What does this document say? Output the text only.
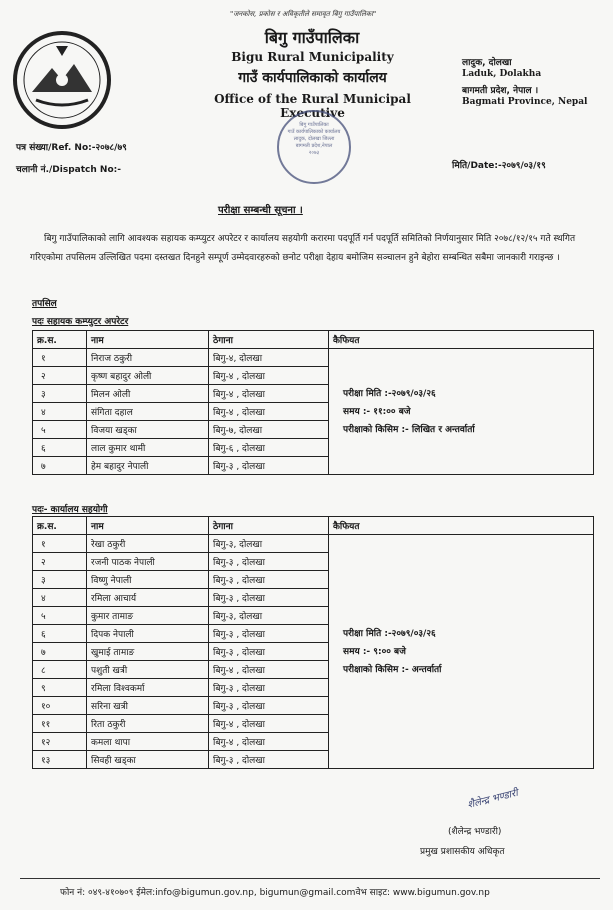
"जनकोस, प्रकोस र अविकृतीले समावृत बिगु गाउँपालिका"
बिगु गाउँपालिका
Bigu Rural Municipality
गाउँ कार्यपालिकाको कार्यालय
Office of the Rural Municipal Executive
लादुक, दोलखा
Laduk, Dolakha
बागमती प्रदेश, नेपाल ।
Bagmati Province, Nepal
बिगु गाउँपालिका
गाउँ कार्यपालिकाको कार्यालय
लादुक, दोलखा जिल्ला
बागमती प्रदेश,नेपाल
२०७३
पत्र संख्या/Ref. No:-२०७८/७९
चलानी नं./Dispatch No:-	मिति/Date:-२०७९/०३/१९
परीक्षा सम्बन्धी सूचना ।
बिगु गाउँपालिकाको लागि आवश्यक सहायक कम्प्युटर अपरेटर र कार्यालय सहयोगी करारमा पदपूर्ति गर्न पदपूर्ति समितिको निर्णयानुसार मिति २०७८/१२/१५ गते स्थगित गरिएकोमा तपसिलम उल्लिखित पदमा दस्तखत दिनहुने सम्पूर्ण उम्मेदवारहरुको छनोट परीक्षा देहाय बमोजिम सञ्चालन हुने बेहोरा सम्बन्धित सबैमा जानकारी गराइन्छ ।
तपसिल
पदः सहायक कम्प्युटर अपरेटर
क्र.स.	नाम	ठेगाना	कैफियत
१	निराज ठकुरी	बिगु-४, दोलखा	परीक्षा मिति :-२०७९/०३/२६
समय :- ११:०० बजे
परीक्षाको किसिम :- लिखित र अन्तर्वार्ता

२	कृष्ण बहादुर ओली	बिगु-४ , दोलखा	
३	मिलन ओली	बिगु-४ , दोलखा	
४	संगिता दहाल	बिगु-४ , दोलखा	
५	विजया खड्का	बिगु-७, दोलखा	
६	लाल कुमार थामी	बिगु-६ , दोलखा	
७	हेम बहादुर नेपाली	बिगु-३ , दोलखा	
पदः- कार्यालय सहयोगी
क्र.स.	नाम	ठेगाना	कैफियत
१	रेखा ठकुरी	बिगु-३, दोलखा	परीक्षा मिति :-२०७९/०३/२६
समय :- ९:०० बजे
परीक्षाको किसिम :- अन्तर्वार्ता

२	रजनी पाठक नेपाली	बिगु-३ , दोलखा	
३	विष्णु नेपाली	बिगु-३ , दोलखा	
४	रमिला आचार्य	बिगु-३ , दोलखा	
५	कुमार तामाङ	बिगु-३, दोलखा	
६	दिपक नेपाली	बिगु-३ , दोलखा	
७	खुमाई तामाङ	बिगु-३ , दोलखा	
८	पशुती खत्री	बिगु-४ , दोलखा	
९	रमिला विश्वकर्मा	बिगु-३ , दोलखा	
१०	सरिना खत्री	बिगु-३ , दोलखा	
११	रिता ठकुरी	बिगु-४ , दोलखा	
१२	कमला थापा	बिगु-४ , दोलखा	
१३	सिवही खड्का	बिगु-३ , दोलखा	
शैलेन्द्र भण्डारी
(शैलेन्द्र भण्डारी)
प्रमुख प्रशासकीय अधिकृत
फोन नं: ०४९-४१०७०९ ईमेल:info@bigumun.gov.np, bigumun@gmail.comवेभ साइट: www.bigumun.gov.np
